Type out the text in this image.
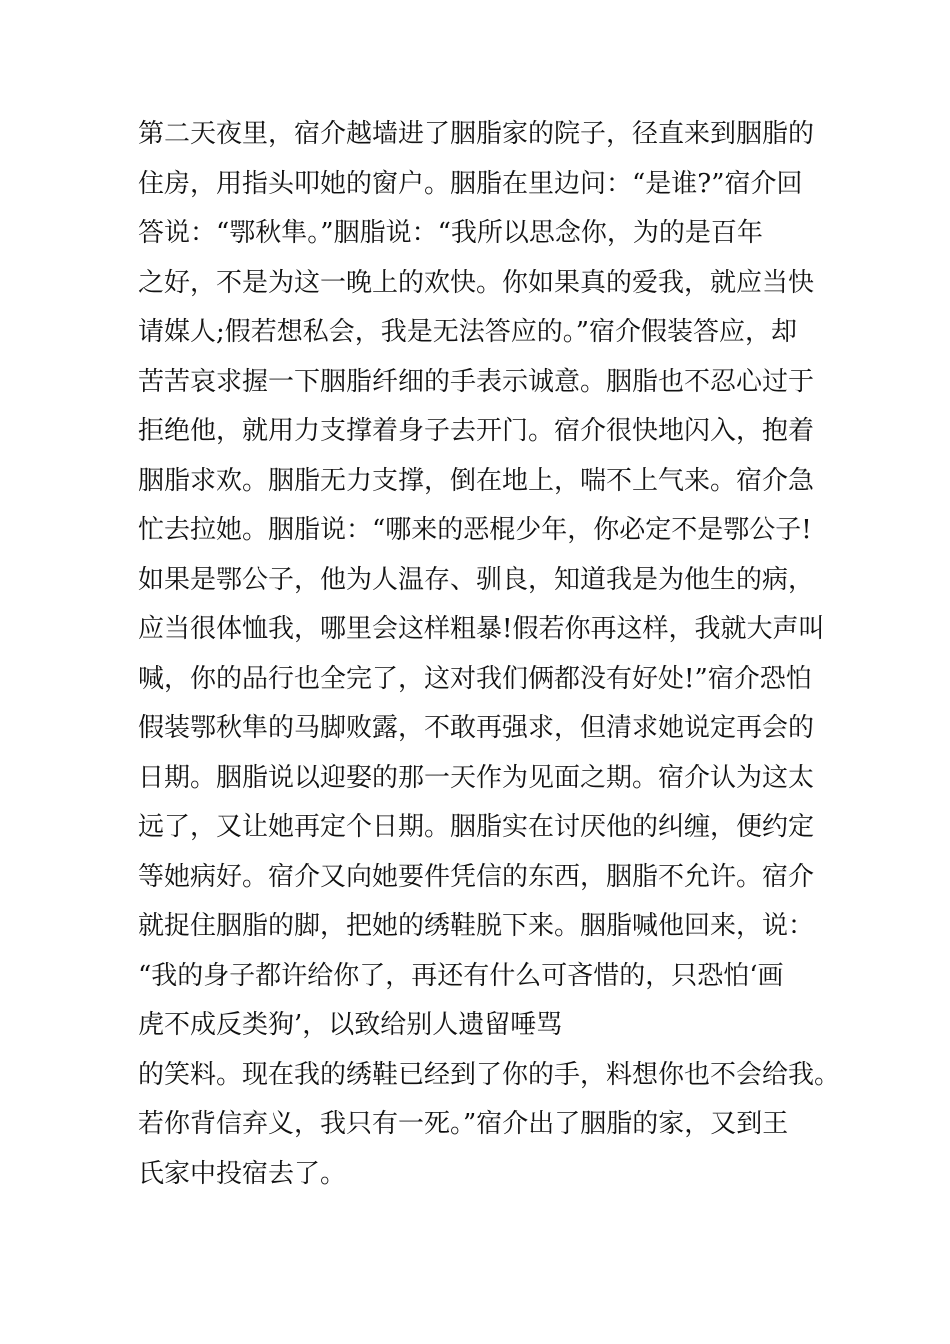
第二天夜里，宿介越墙进了胭脂家的院子，径直来到胭脂的
住房，用指头叩她的窗户。胭脂在里边问：“是谁?”宿介回
答说：“鄂秋隼。”胭脂说：“我所以思念你，为的是百年
之好，不是为这一晚上的欢快。你如果真的爱我，就应当快
请媒人;假若想私会，我是无法答应的。”宿介假装答应，却
苦苦哀求握一下胭脂纤细的手表示诚意。胭脂也不忍心过于
拒绝他，就用力支撑着身子去开门。宿介很快地闪入，抱着
胭脂求欢。胭脂无力支撑，倒在地上，喘不上气来。宿介急
忙去拉她。胭脂说：“哪来的恶棍少年，你必定不是鄂公子!
如果是鄂公子，他为人温存、驯良，知道我是为他生的病，
应当很体恤我，哪里会这样粗暴!假若你再这样，我就大声叫
喊，你的品行也全完了，这对我们俩都没有好处!”宿介恐怕
假装鄂秋隼的马脚败露，不敢再强求，但清求她说定再会的
日期。胭脂说以迎娶的那一天作为见面之期。宿介认为这太
远了，又让她再定个日期。胭脂实在讨厌他的纠缠，便约定
等她病好。宿介又向她要件凭信的东西，胭脂不允许。宿介
就捉住胭脂的脚，把她的绣鞋脱下来。胭脂喊他回来，说：
“我的身子都许给你了，再还有什么可吝惜的，只恐怕‘画
虎不成反类狗’，以致给别人遗留唾骂
的笑料。现在我的绣鞋已经到了你的手，料想你也不会给我。
若你背信弃义，我只有一死。”宿介出了胭脂的家，又到王
氏家中投宿去了。
